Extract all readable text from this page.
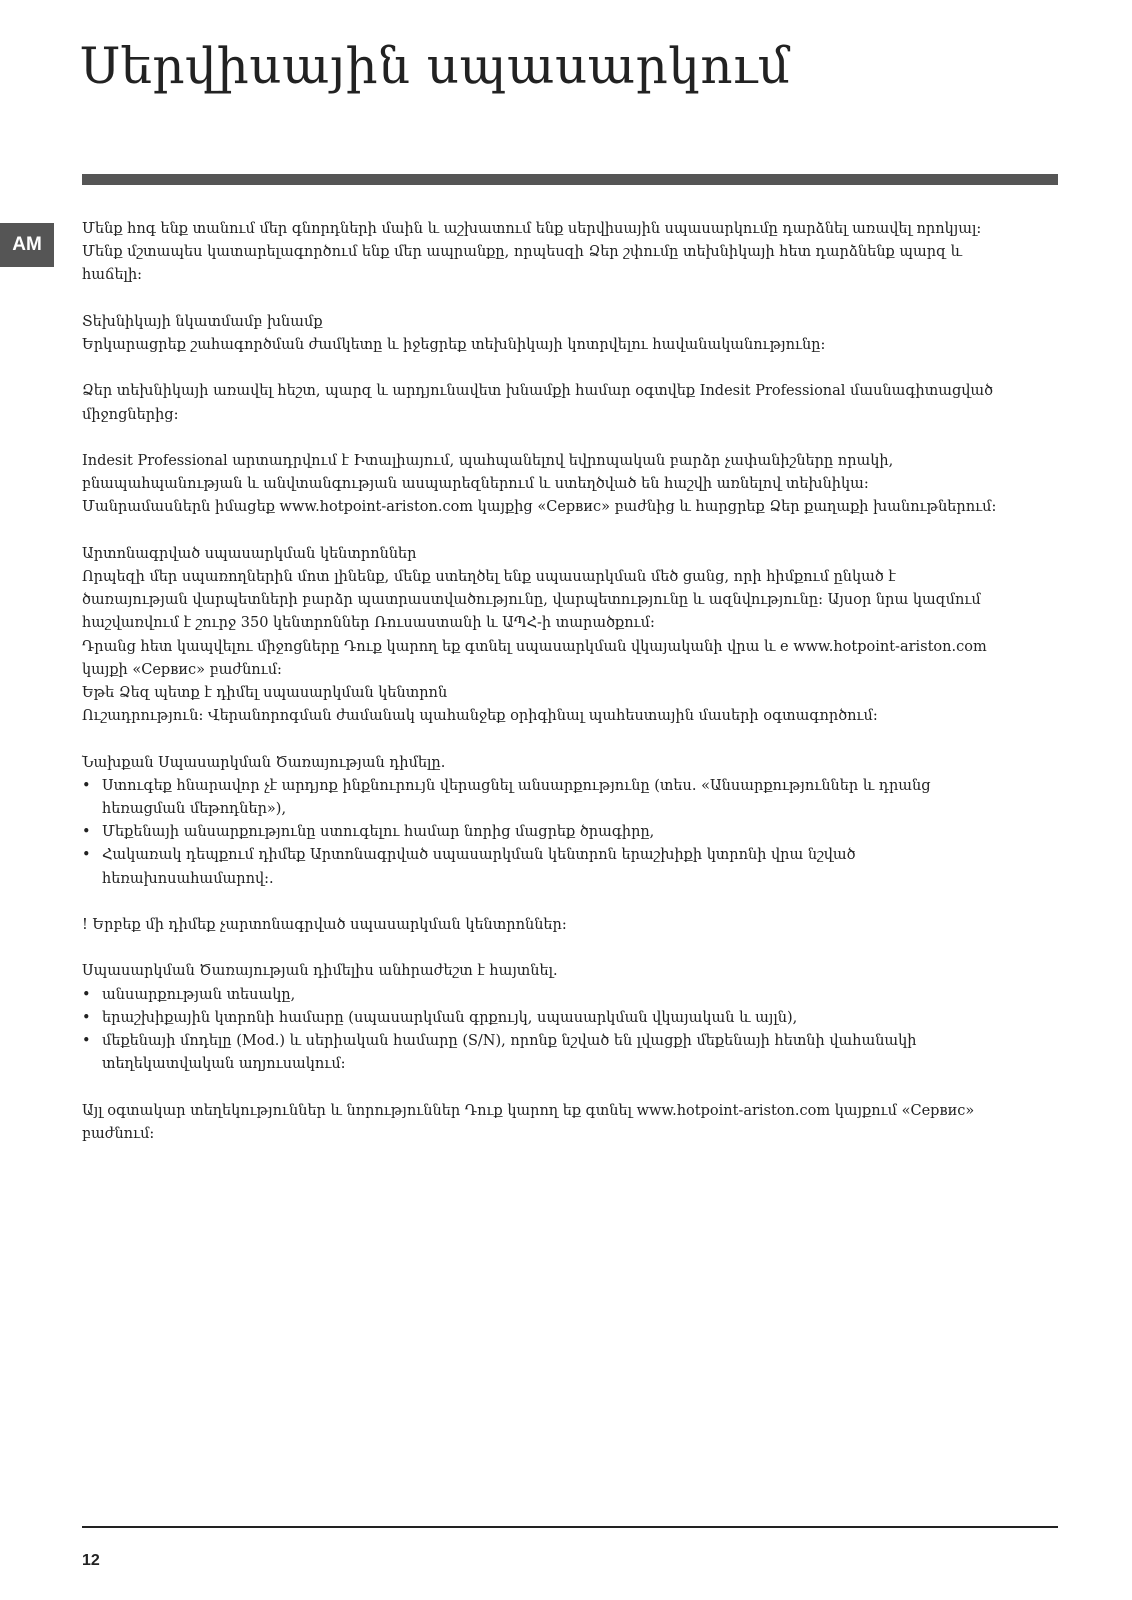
Սերվիսային սպասարկում
AM

Մենք հոգ ենք տանում մեր գնորդների մաին և աշխատում ենք սերվիսային սպասարկումը դարձնել առավել որոկյալ:
Մենք մշտապես կատարելագործում ենք մեր ապրանքը, որպեսզի Ձեր շփումը տեխնիկայի հետ դարձնենք պարզ և
հաճելի:

Տեխնիկայի նկատմամբ խնամք
Երկարացրեք շահագործման ժամկետը և իջեցրեք տեխնիկայի կոտրվելու հավանականությունը:

Ձեր տեխնիկայի առավել հեշտ, պարզ և արդյունավետ խնամքի համար օգտվեք Indesit Professional մասնագիտացված
միջոցներից:

Indesit Professional արտադրվում է Իտալիայում, պահպանելով եվրոպական բարձր չափանիշները որակի,
բնապահպանության և անվտանգության ասպարեզներում և ստեղծված են հաշվի առնելով տեխնիկա:
Մանրամասներն իմացեք www.hotpoint-ariston.com կայքից «Сервис» բաժնից և հարցրեք Ձեր քաղաքի խանութներում:

Արտոնագրված սպասարկման կենտրոններ
Որպեզի մեր սպառողներին մոտ լինենք, մենք ստեղծել ենք սպասարկման մեծ ցանց, որի հիմքում ընկած է
ծառայության վարպետների բարձր պատրաստվածությունը, վարպետությունը և ազնվությունը: Այսօր նրա կազմում
հաշվառվում է շուրջ 350 կենտրոններ Ռուսաստանի և ԱՊՀ-ի տարածքում:
Դրանց հետ կապվելու միջոցները Դուք կարող եք գտնել սպասարկման վկայականի վրա և e www.hotpoint-ariston.com
կայքի «Сервис» բաժնում:
Եթե Ձեզ պետք է դիմել սպասարկման կենտրոն
Ուշադրություն: Վերանորոգման ժամանակ պահանջեք օրիգինալ պահեստային մասերի օգտագործում:

Նախքան Սպասարկման Ծառայության դիմելը.
• Ստուգեք հնարավոր չէ արդյոք ինքնուրույն վերացնել անսարքությունը (տես. «Անսարքություններ և դրանց
հեռացման մեթոդներ»),
• Մեքենայի անսարքությունը ստուգելու համար նորից մացրեք ծրագիրը,
• Հակառակ դեպքում դիմեք Արտոնագրված սպասարկման կենտրոն երաշխիքի կտրոնի վրա նշված
հեռախոսահամարով:.

! Երբեք մի դիմեք չարտոնագրված սպասարկման կենտրոններ:

Սպասարկման Ծառայության դիմելիս անհրաժեշտ է հայտնել.
• անսարքության տեսակը,
• երաշխիքային կտրոնի համարը (սպասարկման գրքույկ, սպասարկման վկայական և այլն),
• մեքենայի մոդելը (Mod.) և սերիական համարը (S/N), որոնք նշված են լվացքի մեքենայի հետնի վահանակի
տեղեկատվական աղյուսակում:

Այլ օգտակար տեղեկություններ և նորություններ Դուք կարող եք գտնել www.hotpoint-ariston.com կայքում «Сервис»
բաժնում:

12
